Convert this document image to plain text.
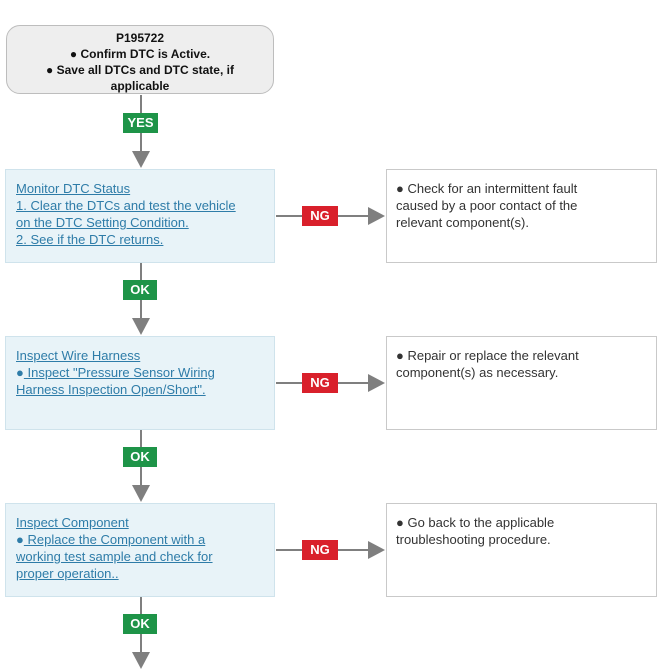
P195722
● Confirm DTC is Active.
● Save all DTCs and DTC state, if
applicable
YES
Monitor DTC Status
1. Clear the DTCs and test the vehicle
on the DTC Setting Condition.
2. See if the DTC returns.
NG
● Check for an intermittent fault
caused by a poor contact of the
relevant component(s).
OK
Inspect Wire Harness
● Inspect "Pressure Sensor Wiring
Harness Inspection Open/Short".	NG
● Repair or replace the relevant
component(s) as necessary.
OK
Inspect Component
● Replace the Component with a
working test sample and check for
proper operation..
NG
● Go back to the applicable
troubleshooting procedure.
OK
